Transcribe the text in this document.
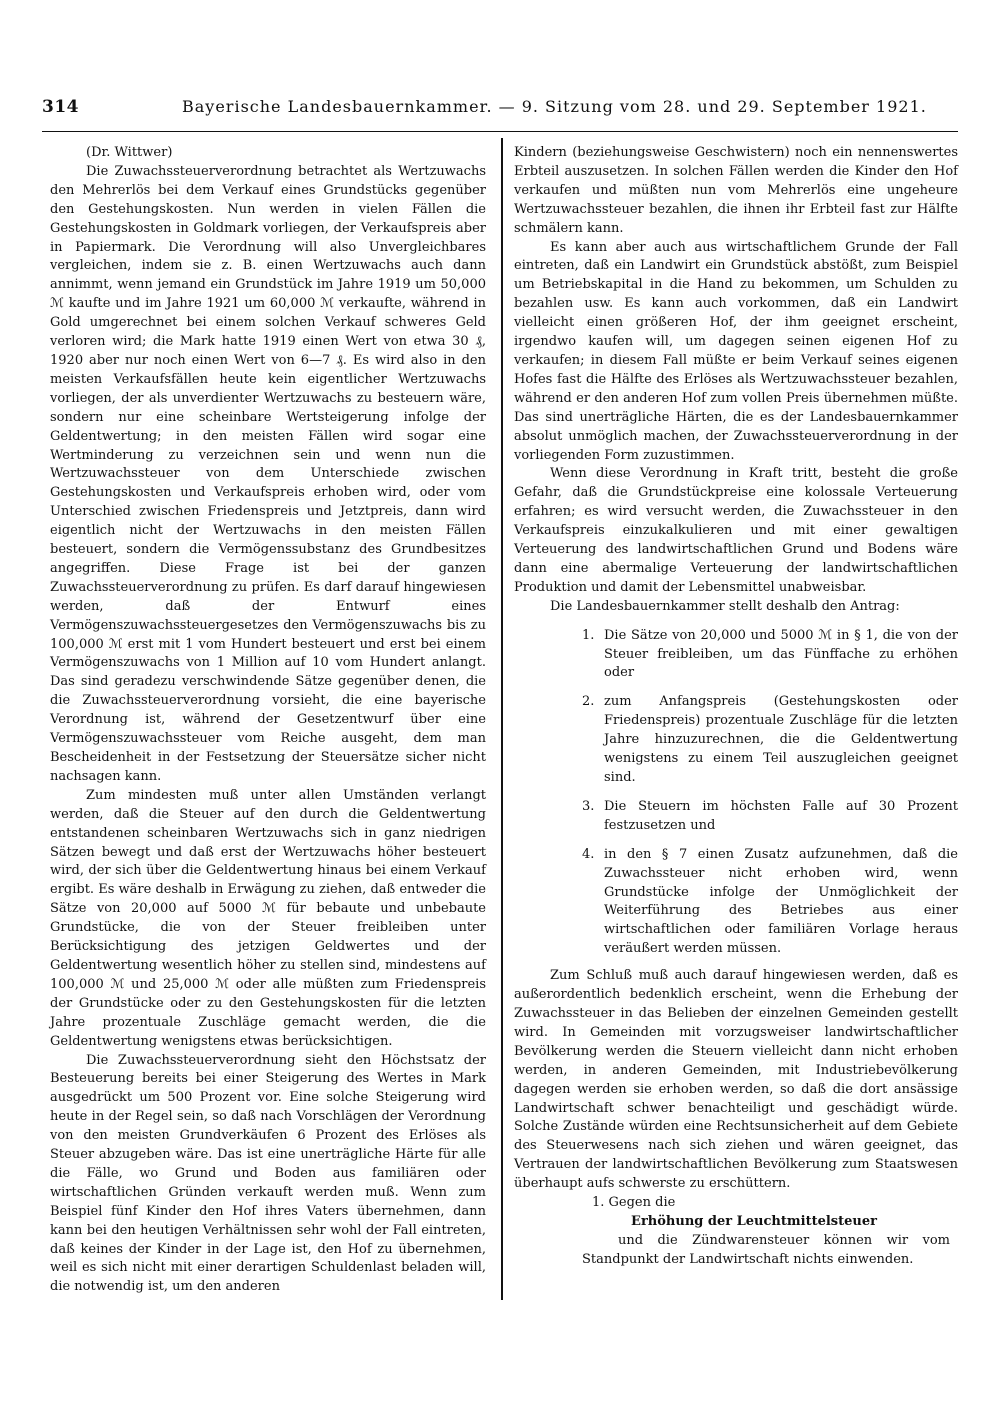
314	Bayerische Landesbauernkammer. — 9. Sitzung vom 28. und 29. September 1921.

(Dr. Wittwer)

Die Zuwachssteuerverordnung betrachtet als Wertzuwachs den Mehrerlös bei dem Verkauf eines Grundstücks gegenüber den Gestehungskosten. Nun werden in vielen Fällen die Gestehungskosten in Goldmark vorliegen, der Verkaufspreis aber in Papiermark. Die Verordnung will also Unvergleichbares vergleichen, indem sie z. B. einen Wertzuwachs auch dann annimmt, wenn jemand ein Grundstück im Jahre 1919 um 50,000 ℳ kaufte und im Jahre 1921 um 60,000 ℳ verkaufte, während in Gold umgerechnet bei einem solchen Verkauf schweres Geld verloren wird; die Mark hatte 1919 einen Wert von etwa 30 ₰, 1920 aber nur noch einen Wert von 6—7 ₰. Es wird also in den meisten Verkaufsfällen heute kein eigentlicher Wertzuwachs vorliegen, der als unverdienter Wertzuwachs zu besteuern wäre, sondern nur eine scheinbare Wertsteigerung infolge der Geldentwertung; in den meisten Fällen wird sogar eine Wertminderung zu verzeichnen sein und wenn nun die Wertzuwachssteuer von dem Unterschiede zwischen Gestehungskosten und Verkaufspreis erhoben wird, oder vom Unterschied zwischen Friedenspreis und Jetztpreis, dann wird eigentlich nicht der Wertzuwachs in den meisten Fällen besteuert, sondern die Vermögenssubstanz des Grundbesitzes angegriffen. Diese Frage ist bei der ganzen Zuwachssteuerverordnung zu prüfen. Es darf darauf hingewiesen werden, daß der Entwurf eines Vermögenszuwachssteuergesetzes den Vermögenszuwachs bis zu 100,000 ℳ erst mit 1 vom Hundert besteuert und erst bei einem Vermögenszuwachs von 1 Million auf 10 vom Hundert anlangt. Das sind geradezu verschwindende Sätze gegenüber denen, die die Zuwachssteuerverordnung vorsieht, die eine bayerische Verordnung ist, während der Gesetzentwurf über eine Vermögenszuwachssteuer vom Reiche ausgeht, dem man Bescheidenheit in der Festsetzung der Steuersätze sicher nicht nachsagen kann.

Zum mindesten muß unter allen Umständen verlangt werden, daß die Steuer auf den durch die Geldentwertung entstandenen scheinbaren Wertzuwachs sich in ganz niedrigen Sätzen bewegt und daß erst der Wertzuwachs höher besteuert wird, der sich über die Geldentwertung hinaus bei einem Verkauf ergibt. Es wäre deshalb in Erwägung zu ziehen, daß entweder die Sätze von 20,000 auf 5000 ℳ für bebaute und unbebaute Grundstücke, die von der Steuer freibleiben unter Berücksichtigung des jetzigen Geldwertes und der Geldentwertung wesentlich höher zu stellen sind, mindestens auf 100,000 ℳ und 25,000 ℳ oder alle müßten zum Friedenspreis der Grundstücke oder zu den Gestehungskosten für die letzten Jahre prozentuale Zuschläge gemacht werden, die die Geldentwertung wenigstens etwas berücksichtigen.

Die Zuwachssteuerverordnung sieht den Höchstsatz der Besteuerung bereits bei einer Steigerung des Wertes in Mark ausgedrückt um 500 Prozent vor. Eine solche Steigerung wird heute in der Regel sein, so daß nach Vorschlägen der Verordnung von den meisten Grundverkäufen 6 Prozent des Erlöses als Steuer abzugeben wäre. Das ist eine unerträgliche Härte für alle die Fälle, wo Grund und Boden aus familiären oder wirtschaftlichen Gründen verkauft werden muß. Wenn zum Beispiel fünf Kinder den Hof ihres Vaters übernehmen, dann kann bei den heutigen Verhältnissen sehr wohl der Fall eintreten, daß keines der Kinder in der Lage ist, den Hof zu übernehmen, weil es sich nicht mit einer derartigen Schuldenlast beladen will, die notwendig ist, um den anderen

Kindern (beziehungsweise Geschwistern) noch ein nennenswertes Erbteil auszusetzen. In solchen Fällen werden die Kinder den Hof verkaufen und müßten nun vom Mehrerlös eine ungeheure Wertzuwachssteuer bezahlen, die ihnen ihr Erbteil fast zur Hälfte schmälern kann.

Es kann aber auch aus wirtschaftlichem Grunde der Fall eintreten, daß ein Landwirt ein Grundstück abstößt, zum Beispiel um Betriebskapital in die Hand zu bekommen, um Schulden zu bezahlen usw. Es kann auch vorkommen, daß ein Landwirt vielleicht einen größeren Hof, der ihm geeignet erscheint, irgendwo kaufen will, um dagegen seinen eigenen Hof zu verkaufen; in diesem Fall müßte er beim Verkauf seines eigenen Hofes fast die Hälfte des Erlöses als Wertzuwachssteuer bezahlen, während er den anderen Hof zum vollen Preis übernehmen müßte. Das sind unerträgliche Härten, die es der Landesbauernkammer absolut unmöglich machen, der Zuwachssteuerverordnung in der vorliegenden Form zuzustimmen.

Wenn diese Verordnung in Kraft tritt, besteht die große Gefahr, daß die Grundstückpreise eine kolossale Verteuerung erfahren; es wird versucht werden, die Zuwachssteuer in den Verkaufspreis einzukalkulieren und mit einer gewaltigen Verteuerung des landwirtschaftlichen Grund und Bodens wäre dann eine abermalige Verteuerung der landwirtschaftlichen Produktion und damit der Lebensmittel unabweisbar.

Die Landesbauernkammer stellt deshalb den Antrag:

1. Die Sätze von 20,000 und 5000 ℳ in § 1, die von der Steuer freibleiben, um das Fünffache zu erhöhen oder
2. zum Anfangspreis (Gestehungskosten oder Friedenspreis) prozentuale Zuschläge für die letzten Jahre hinzuzurechnen, die die Geldentwertung wenigstens zu einem Teil auszugleichen geeignet sind.
3. Die Steuern im höchsten Falle auf 30 Prozent festzusetzen und
4. in den § 7 einen Zusatz aufzunehmen, daß die Zuwachssteuer nicht erhoben wird, wenn Grundstücke infolge der Unmöglichkeit der Weiterführung des Betriebes aus einer wirtschaftlichen oder familiären Vorlage heraus veräußert werden müssen.

Zum Schluß muß auch darauf hingewiesen werden, daß es außerordentlich bedenklich erscheint, wenn die Erhebung der Zuwachssteuer in das Belieben der einzelnen Gemeinden gestellt wird. In Gemeinden mit vorzugsweiser landwirtschaftlicher Bevölkerung werden die Steuern vielleicht dann nicht erhoben werden, in anderen Gemeinden, mit Industriebevölkerung dagegen werden sie erhoben werden, so daß die dort ansässige Landwirtschaft schwer benachteiligt und geschädigt würde. Solche Zustände würden eine Rechtsunsicherheit auf dem Gebiete des Steuerwesens nach sich ziehen und wären geeignet, das Vertrauen der landwirtschaftlichen Bevölkerung zum Staatswesen überhaupt aufs schwerste zu erschüttern.

1. Gegen die

Erhöhung der Leuchtmittelsteuer

und die Zündwarensteuer können wir vom Standpunkt der Landwirtschaft nichts einwenden.
